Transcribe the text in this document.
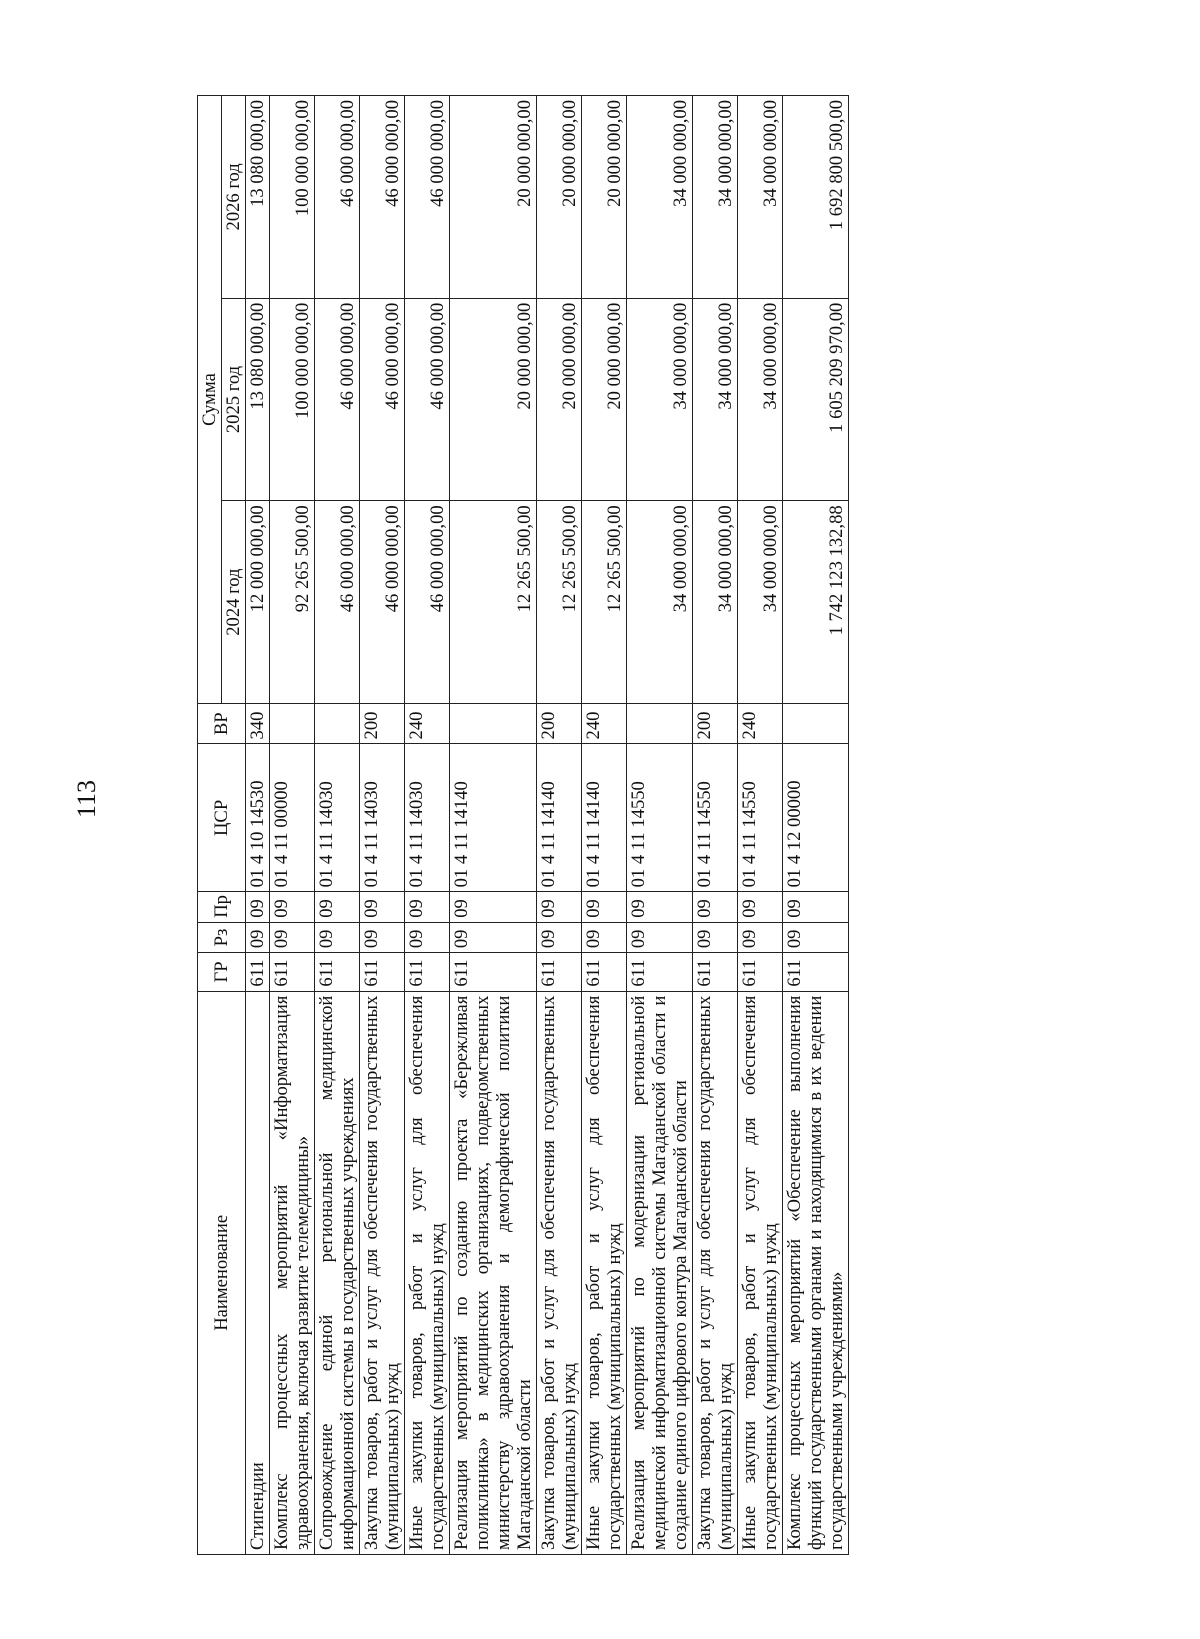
113
Наименование	ГР	Рз	Пр	ЦСР	ВР	Сумма		
						2024 год	2025 год	2026 год
Стипендии	611	09	09	01 4 10 14530	340	12 000 000,00	13 080 000,00	13 080 000,00
Комплекс процессных мероприятий «Информатизация здравоохранения, включая развитие телемедицины»	611	09	09	01 4 11 00000		92 265 500,00	100 000 000,00	100 000 000,00
Сопровождение единой региональной медицинской информационной системы в государственных учреждениях	611	09	09	01 4 11 14030		46 000 000,00	46 000 000,00	46 000 000,00
Закупка товаров, работ и услуг для обеспечения государственных (муниципальных) нужд	611	09	09	01 4 11 14030	200	46 000 000,00	46 000 000,00	46 000 000,00
Иные закупки товаров, работ и услуг для обеспечения государственных (муниципальных) нужд	611	09	09	01 4 11 14030	240	46 000 000,00	46 000 000,00	46 000 000,00
Реализация мероприятий по созданию проекта «Бережливая поликлиника» в медицинских организациях, подведомственных министерству здравоохранения и демографической политики Магаданской области	611	09	09	01 4 11 14140		12 265 500,00	20 000 000,00	20 000 000,00
Закупка товаров, работ и услуг для обеспечения государственных (муниципальных) нужд	611	09	09	01 4 11 14140	200	12 265 500,00	20 000 000,00	20 000 000,00
Иные закупки товаров, работ и услуг для обеспечения государственных (муниципальных) нужд	611	09	09	01 4 11 14140	240	12 265 500,00	20 000 000,00	20 000 000,00
Реализация мероприятий по модернизации региональной медицинской информатизационной системы Магаданской области и создание единого цифрового контура Магаданской области	611	09	09	01 4 11 14550		34 000 000,00	34 000 000,00	34 000 000,00
Закупка товаров, работ и услуг для обеспечения государственных (муниципальных) нужд	611	09	09	01 4 11 14550	200	34 000 000,00	34 000 000,00	34 000 000,00
Иные закупки товаров, работ и услуг для обеспечения государственных (муниципальных) нужд	611	09	09	01 4 11 14550	240	34 000 000,00	34 000 000,00	34 000 000,00
Комплекс процессных мероприятий «Обеспечение выполнения функций государственными органами и находящимися в их ведении государственными учреждениями»	611	09	09	01 4 12 00000		1 742 123 132,88	1 605 209 970,00	1 692 800 500,00
